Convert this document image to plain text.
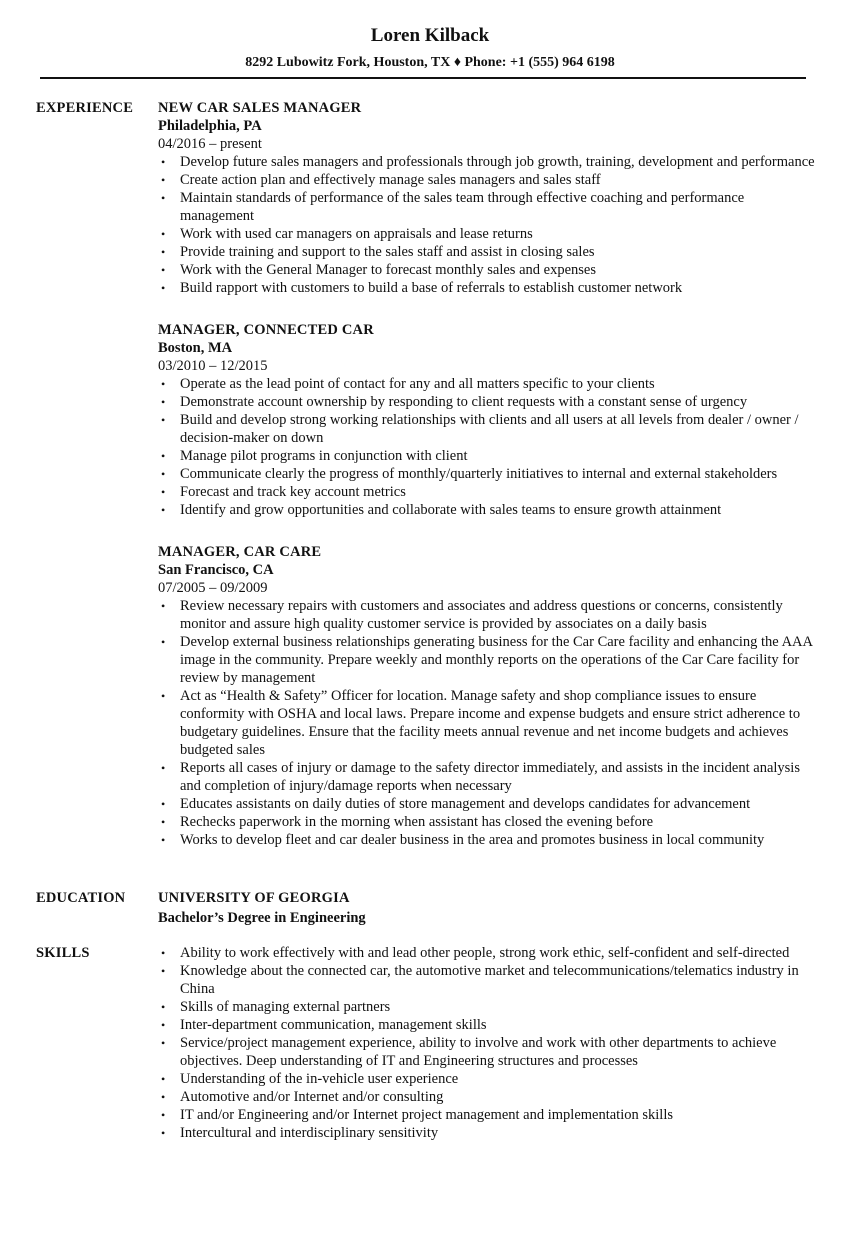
Loren Kilback
8292 Lubowitz Fork, Houston, TX ♦ Phone: +1 (555) 964 6198
EXPERIENCE NEW CAR SALES MANAGER
Philadelphia, PA
04/2016 – present
• Develop future sales managers and professionals through job growth, training, development and performance
• Create action plan and effectively manage sales managers and sales staff
• Maintain standards of performance of the sales team through effective coaching and performance management
• Work with used car managers on appraisals and lease returns
• Provide training and support to the sales staff and assist in closing sales
• Work with the General Manager to forecast monthly sales and expenses
• Build rapport with customers to build a base of referrals to establish customer network
MANAGER, CONNECTED CAR
Boston, MA
03/2010 – 12/2015
• Operate as the lead point of contact for any and all matters specific to your clients
• Demonstrate account ownership by responding to client requests with a constant sense of urgency
• Build and develop strong working relationships with clients and all users at all levels from dealer / owner / decision-maker on down
• Manage pilot programs in conjunction with client
• Communicate clearly the progress of monthly/quarterly initiatives to internal and external stakeholders
• Forecast and track key account metrics
• Identify and grow opportunities and collaborate with sales teams to ensure growth attainment
MANAGER, CAR CARE
San Francisco, CA
07/2005 – 09/2009
• Review necessary repairs with customers and associates and address questions or concerns, consistently monitor and assure high quality customer service is provided by associates on a daily basis
• Develop external business relationships generating business for the Car Care facility and enhancing the AAA image in the community. Prepare weekly and monthly reports on the operations of the Car Care facility for review by management
• Act as “Health & Safety” Officer for location. Manage safety and shop compliance issues to ensure conformity with OSHA and local laws. Prepare income and expense budgets and ensure strict adherence to budgetary guidelines. Ensure that the facility meets annual revenue and net income budgets and achieves budgeted sales
• Reports all cases of injury or damage to the safety director immediately, and assists in the incident analysis and completion of injury/damage reports when necessary
• Educates assistants on daily duties of store management and develops candidates for advancement
• Rechecks paperwork in the morning when assistant has closed the evening before
• Works to develop fleet and car dealer business in the area and promotes business in local community
EDUCATION UNIVERSITY OF GEORGIA
Bachelor’s Degree in Engineering
SKILLS	• Ability to work effectively with and lead other people, strong work ethic, self-confident and self-directed
• Knowledge about the connected car, the automotive market and telecommunications/telematics industry in China
• Skills of managing external partners
• Inter-department communication, management skills
• Service/project management experience, ability to involve and work with other departments to achieve objectives. Deep understanding of IT and Engineering structures and processes
• Understanding of the in-vehicle user experience
• Automotive and/or Internet and/or consulting
• IT and/or Engineering and/or Internet project management and implementation skills
• Intercultural and interdisciplinary sensitivity
